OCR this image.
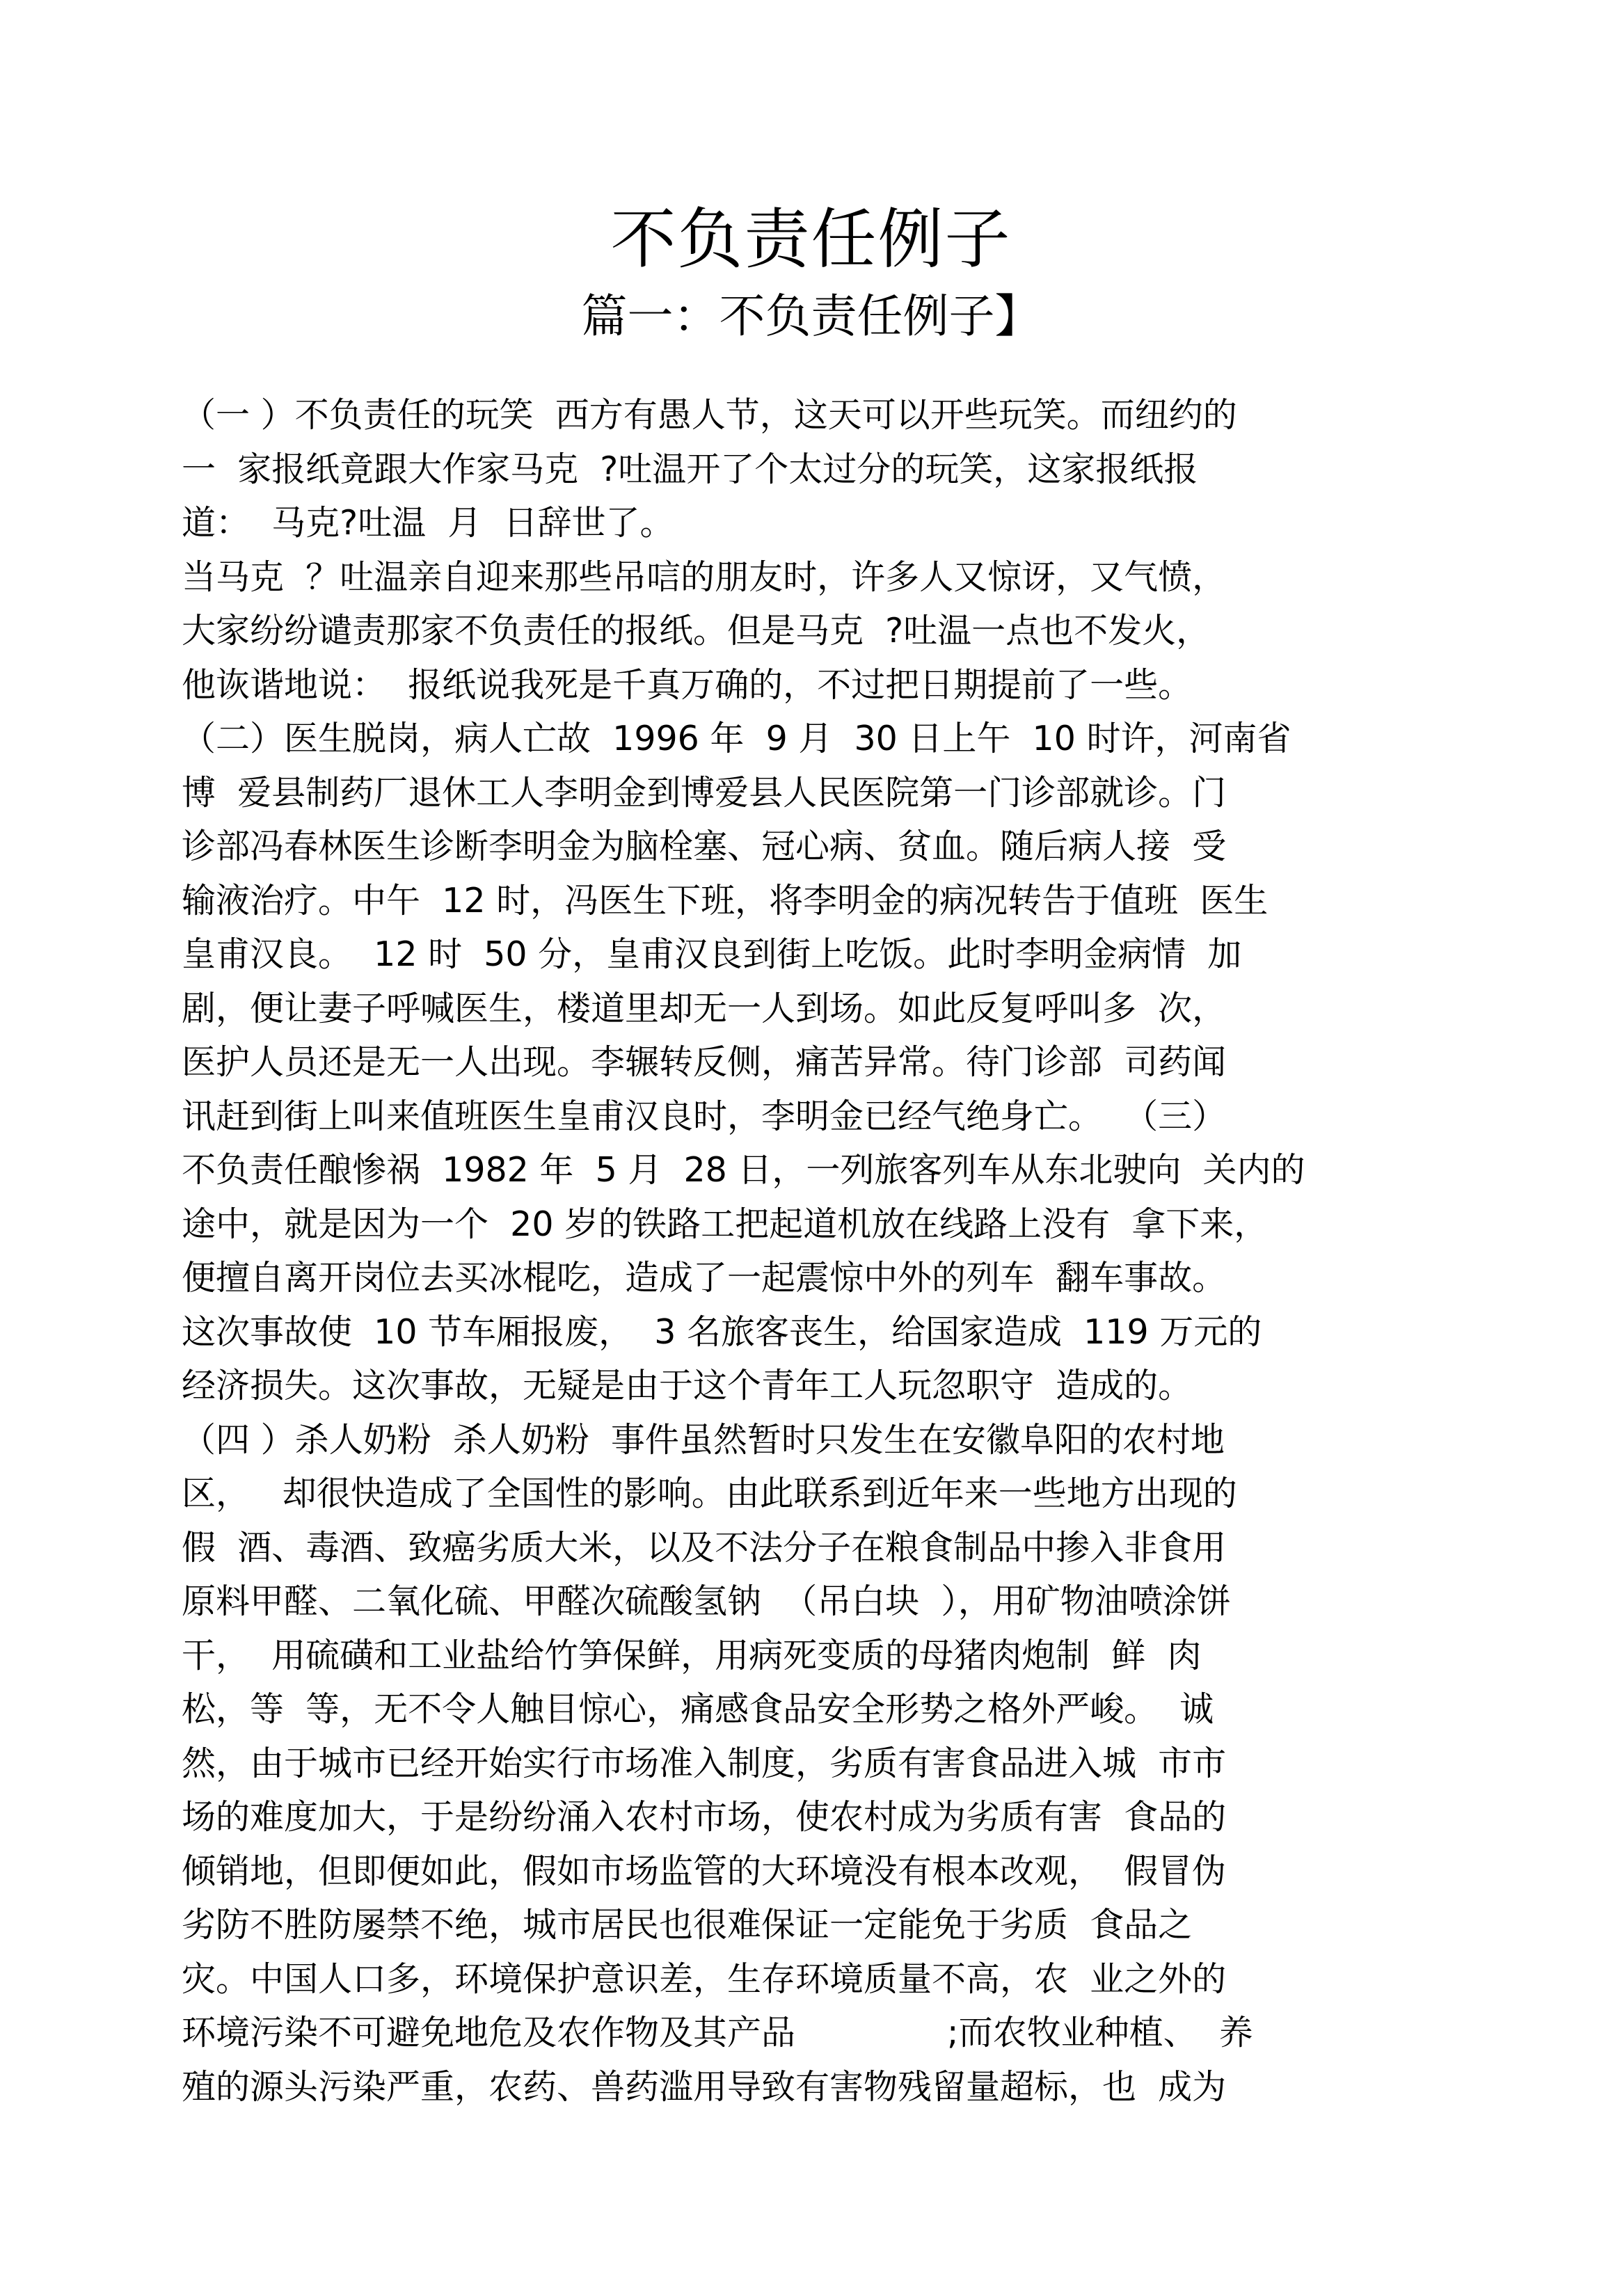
不负责任例子
篇一：不负责任例子】
（一 ）不负责任的玩笑  西方有愚人节，这天可以开些玩笑。而纽约的
一  家报纸竟跟大作家马克  ?吐温开了个太过分的玩笑，这家报纸报
道：  马克?吐温  月  日辞世了。
当马克  ？吐温亲自迎来那些吊唁的朋友时，许多人又惊讶，又气愤，
大家纷纷谴责那家不负责任的报纸。但是马克  ?吐温一点也不发火，
他诙谐地说：  报纸说我死是千真万确的，不过把日期提前了一些。
（二）医生脱岗，病人亡故  1996 年  9 月  30 日上午  10 时许，河南省
博  爱县制药厂退休工人李明金到博爱县人民医院第一门诊部就诊。门
诊部冯春林医生诊断李明金为脑栓塞、冠心病、贫血。随后病人接  受
输液治疗。中午  12 时，冯医生下班，将李明金的病况转告于值班  医生
皇甫汉良。  12 时  50 分，皇甫汉良到街上吃饭。此时李明金病情  加
剧，便让妻子呼喊医生，楼道里却无一人到场。如此反复呼叫多  次，
医护人员还是无一人出现。李辗转反侧，痛苦异常。待门诊部  司药闻
讯赶到街上叫来值班医生皇甫汉良时，李明金已经气绝身亡。  （三）
不负责任酿惨祸  1982 年  5 月  28 日，一列旅客列车从东北驶向  关内的
途中，就是因为一个  20 岁的铁路工把起道机放在线路上没有  拿下来，
便擅自离开岗位去买冰棍吃，造成了一起震惊中外的列车  翻车事故。
这次事故使  10 节车厢报废，  3 名旅客丧生，给国家造成  119 万元的
经济损失。这次事故，无疑是由于这个青年工人玩忽职守  造成的。
（四 ）杀人奶粉  杀人奶粉  事件虽然暂时只发生在安徽阜阳的农村地
区，   却很快造成了全国性的影响。由此联系到近年来一些地方出现的
假  酒、毒酒、致癌劣质大米，以及不法分子在粮食制品中掺入非食用
原料甲醛、二氧化硫、甲醛次硫酸氢钠  （吊白块  ），用矿物油喷涂饼
干，  用硫磺和工业盐给竹笋保鲜，用病死变质的母猪肉炮制  鲜  肉
松，等  等，无不令人触目惊心，痛感食品安全形势之格外严峻。  诚
然，由于城市已经开始实行市场准入制度，劣质有害食品进入城  市市
场的难度加大，于是纷纷涌入农村市场，使农村成为劣质有害  食品的
倾销地，但即便如此，假如市场监管的大环境没有根本改观，  假冒伪
劣防不胜防屡禁不绝，城市居民也很难保证一定能免于劣质  食品之
灾。中国人口多，环境保护意识差，生存环境质量不高，农  业之外的
环境污染不可避免地危及农作物及其产品              ;而农牧业种植、  养
殖的源头污染严重，农药、兽药滥用导致有害物残留量超标，也  成为
